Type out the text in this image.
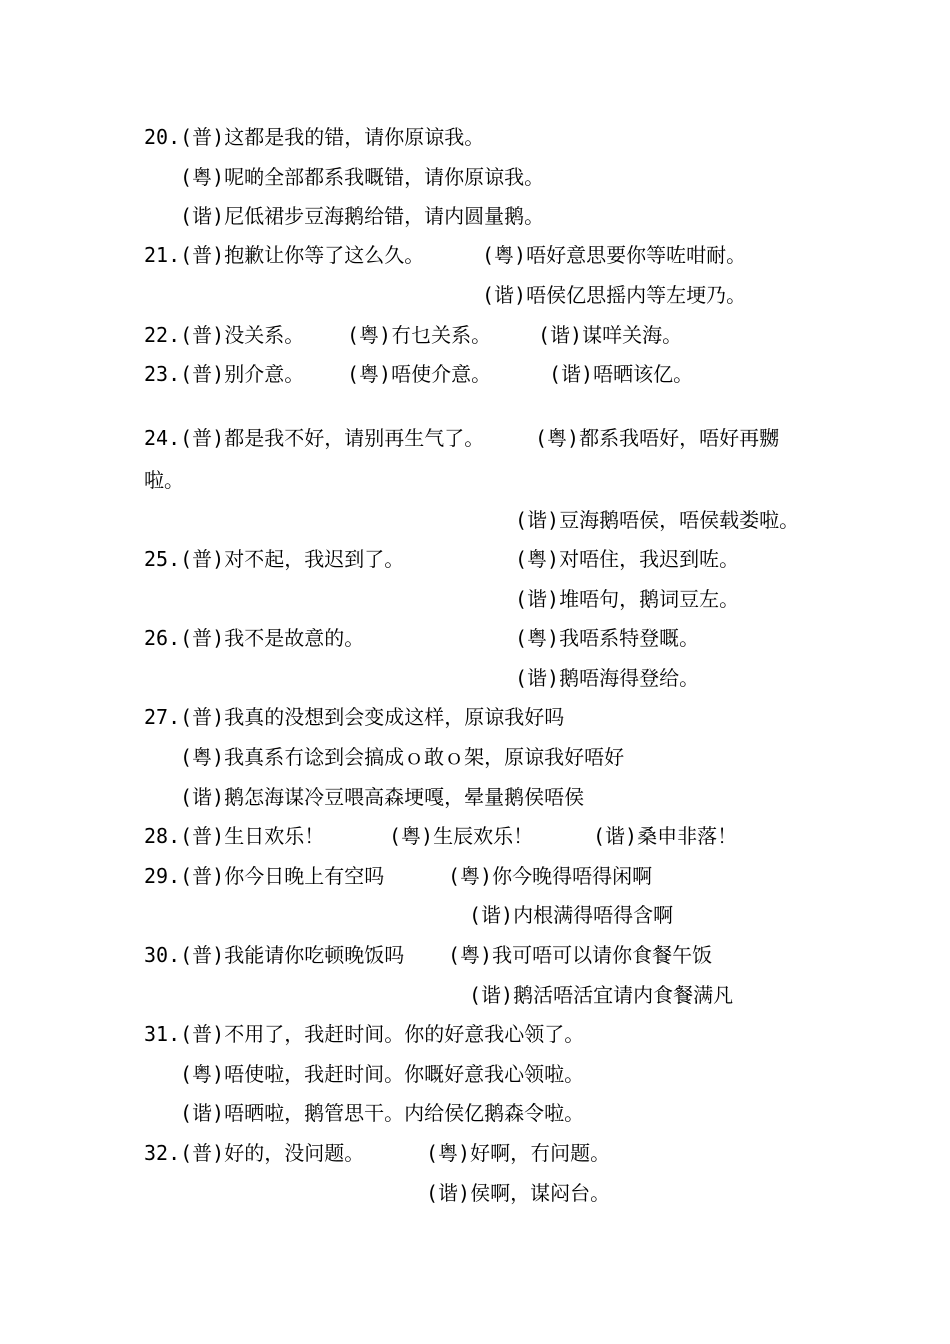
20.(普)这都是我的错，请你原谅我。
(粤)呢啲全部都系我嘅错，请你原谅我。
(谐)尼低裙步豆海鹅给错，请内圆量鹅。
21.(普)抱歉让你等了这么久。	(粤)唔好意思要你等咗咁耐。
(谐)唔侯亿思摇内等左埂乃。
22.(普)没关系。 (粤)冇乜关系。 (谐)谋咩关海。
23.(普)别介意。 (粤)唔使介意。	(谐)唔晒该亿。
24.(普)都是我不好，请别再生气了。	(粤)都系我唔好，唔好再嬲
啦。
(谐)豆海鹅唔侯，唔侯载娄啦。
25.(普)对不起，我迟到了。	(粤)对唔住，我迟到咗。
(谐)堆唔句，鹅词豆左。
26.(普)我不是故意的。	(粤)我唔系特登嘅。
(谐)鹅唔海得登给。
27.(普)我真的没想到会变成这样，原谅我好吗
(粤)我真系冇谂到会搞成ｏ敢ｏ架，原谅我好唔好
(谐)鹅怎海谋冷豆喂高森埂嘎，晕量鹅侯唔侯
28.(普)生日欢乐！	(粤)生辰欢乐！	(谐)桑申非落！
29.(普)你今日晚上有空吗	(粤)你今晚得唔得闲啊
(谐)内根满得唔得含啊
30.(普)我能请你吃顿晚饭吗 (粤)我可唔可以请你食餐午饭
(谐)鹅活唔活宜请内食餐满凡
31.(普)不用了，我赶时间。你的好意我心领了。
(粤)唔使啦，我赶时间。你嘅好意我心领啦。
(谐)唔晒啦，鹅管思干。内给侯亿鹅森令啦。
32.(普)好的，没问题。	(粤)好啊，冇问题。
(谐)侯啊，谋闷台。
